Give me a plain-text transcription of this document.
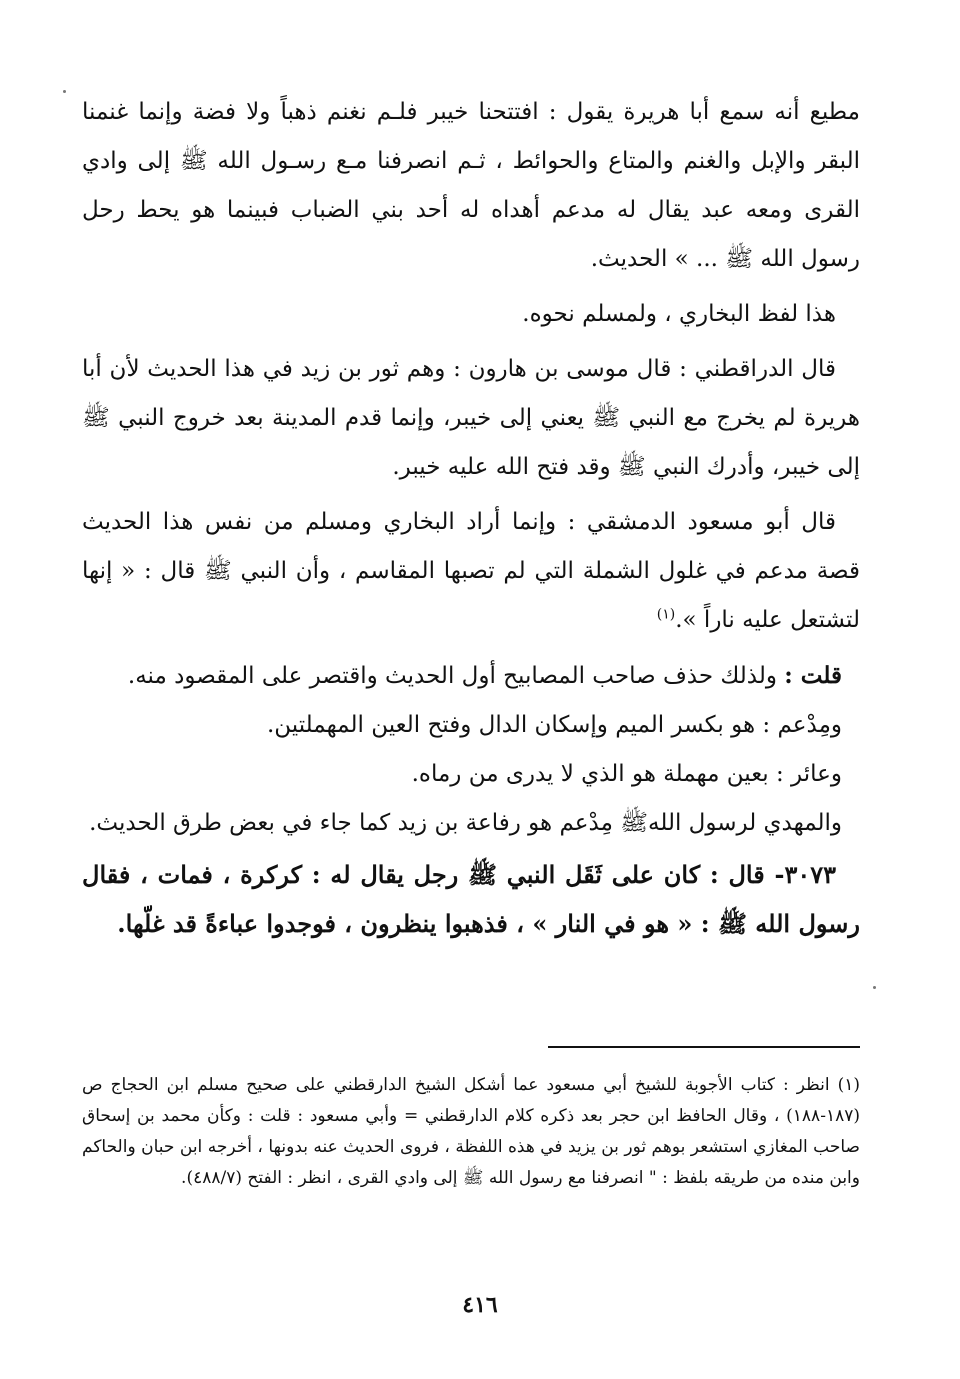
مطيع أنه سمع أبا هريرة يقول : افتتحنا خيبر فلـم نغنم ذهباً ولا فضة وإنما غنمنا البقر والإبل والغنم والمتاع والحوائط ، ثـم انصرفنا مـع رسـول الله ﷺ إلى وادي القرى ومعه عبد يقال له مدعم أهداه له أحد بني الضباب فبينما هو يحط رحل رسول الله ﷺ ... » الحديث.

هذا لفظ البخاري ، ولمسلم نحوه.

قال الدراقطني : قال موسى بن هارون : وهم ثور بن زيد في هذا الحديث لأن أبا هريرة لم يخرج مع النبي ﷺ يعني إلى خيبر، وإنما قدم المدينة بعد خروج النبي ﷺ إلى خيبر، وأدرك النبي ﷺ وقد فتح الله عليه خيبر.

قال أبو مسعود الدمشقي : وإنما أراد البخاري ومسلم من نفس هذا الحديث قصة مدعم في غلول الشملة التي لم تصبها المقاسم ، وأن النبي ﷺ قال : « إنها لتشتعل عليه ناراً ».$^{(١)}$

قلت : ولذلك حذف صاحب المصابيح أول الحديث واقتصر على المقصود منه.

ومِدْعم : هو بكسر الميم وإسكان الدال وفتح العين المهملتين.

وعائر : بعين مهملة هو الذي لا يدرى من رماه.

والمهدي لرسول اللهﷺ مِدْعم هو رفاعة بن زيد كما جاء في بعض طرق الحديث.

٣٠٧٣- قال : كان على ثَقَل النبي ﷺ رجل يقال له : كركرة ، فمات ، فقال رسول الله ﷺ : « هو في النار » ، فذهبوا ينظرون ، فوجدوا عباءةً قد غلّها.

(١) انظر : كتاب الأجوبة للشيخ أبي مسعود عما أشكل الشيخ الدارقطني على صحيح مسلم ابن الحجاج ص (١٨٧-١٨٨) ، وقال الحافظ ابن حجر بعد ذكره كلام الدارقطني = وأبي مسعود : قلت : وكأن محمد بن إسحاق صاحب المغازي استشعر بوهم ثور بن يزيد في هذه اللفظة ، فروى الحديث عنه بدونها ، أخرجه ابن حبان والحاكم وابن منده من طريقه بلفظ : " انصرفنا مع رسول الله ﷺ إلى وادي القرى ، انظر : الفتح (٤٨٨/٧).

٤١٦
